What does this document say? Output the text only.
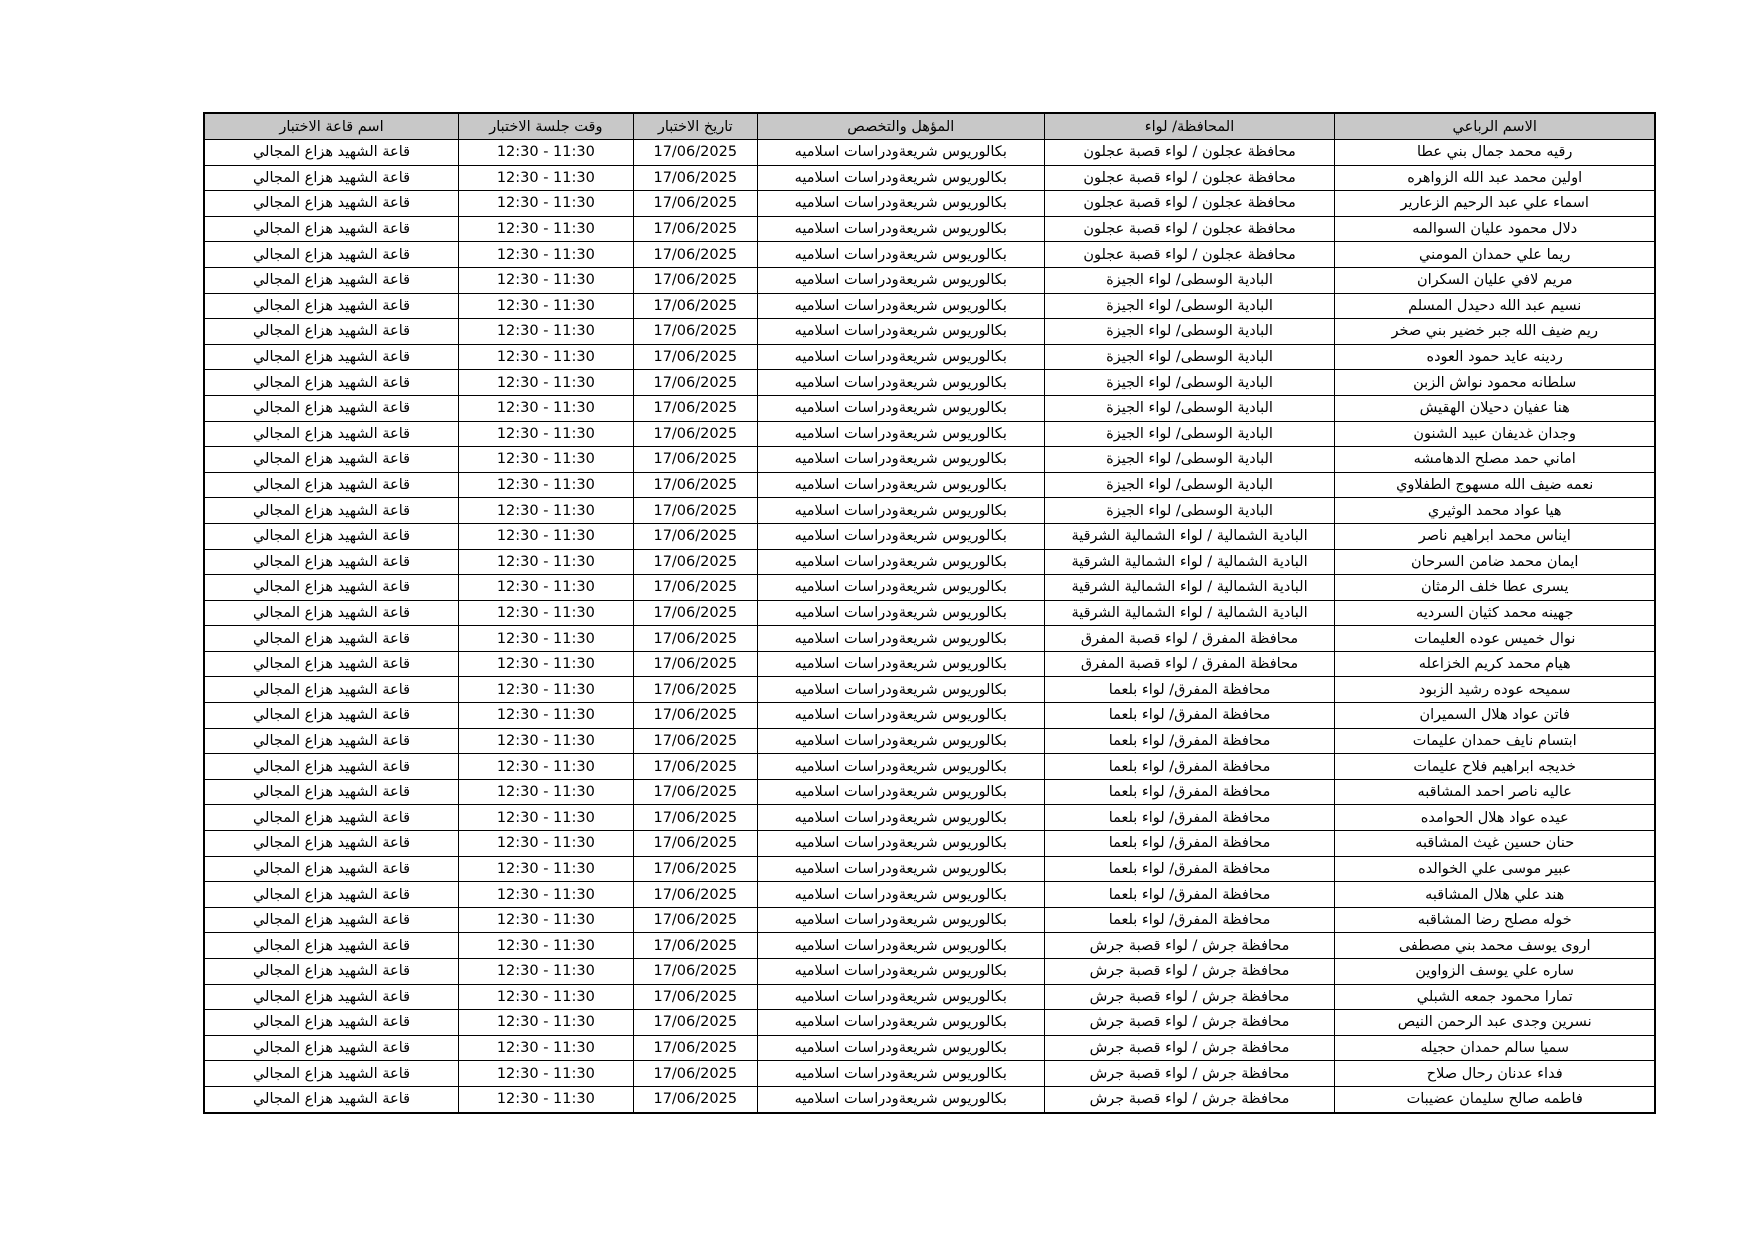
الاسم الرباعي	المحافظة/ لواء	المؤهل والتخصص	تاريخ الاختبار	وقت جلسة الاختبار	اسم قاعة الاختبار
رقيه محمد جمال بني عطا	محافظة عجلون / لواء قصبة عجلون	بكالوريوس شريعةودراسات اسلاميه	17/06/2025	12:30 - 11:30	قاعة الشهيد هزاع المجالي
اولين محمد عبد الله الزواهره	محافظة عجلون / لواء قصبة عجلون	بكالوريوس شريعةودراسات اسلاميه	17/06/2025	12:30 - 11:30	قاعة الشهيد هزاع المجالي
اسماء علي عبد الرحيم الزعارير	محافظة عجلون / لواء قصبة عجلون	بكالوريوس شريعةودراسات اسلاميه	17/06/2025	12:30 - 11:30	قاعة الشهيد هزاع المجالي
دلال محمود عليان السوالمه	محافظة عجلون / لواء قصبة عجلون	بكالوريوس شريعةودراسات اسلاميه	17/06/2025	12:30 - 11:30	قاعة الشهيد هزاع المجالي
ريما علي حمدان المومني	محافظة عجلون / لواء قصبة عجلون	بكالوريوس شريعةودراسات اسلاميه	17/06/2025	12:30 - 11:30	قاعة الشهيد هزاع المجالي
مريم لافي عليان السكران	البادية الوسطى/ لواء الجيزة	بكالوريوس شريعةودراسات اسلاميه	17/06/2025	12:30 - 11:30	قاعة الشهيد هزاع المجالي
نسيم عبد الله دحيدل المسلم	البادية الوسطى/ لواء الجيزة	بكالوريوس شريعةودراسات اسلاميه	17/06/2025	12:30 - 11:30	قاعة الشهيد هزاع المجالي
ريم ضيف الله جبر خضير بني صخر	البادية الوسطى/ لواء الجيزة	بكالوريوس شريعةودراسات اسلاميه	17/06/2025	12:30 - 11:30	قاعة الشهيد هزاع المجالي
ردينه عايد حمود العوده	البادية الوسطى/ لواء الجيزة	بكالوريوس شريعةودراسات اسلاميه	17/06/2025	12:30 - 11:30	قاعة الشهيد هزاع المجالي
سلطانه محمود نواش الزبن	البادية الوسطى/ لواء الجيزة	بكالوريوس شريعةودراسات اسلاميه	17/06/2025	12:30 - 11:30	قاعة الشهيد هزاع المجالي
هنا عفيان دحيلان الهقيش	البادية الوسطى/ لواء الجيزة	بكالوريوس شريعةودراسات اسلاميه	17/06/2025	12:30 - 11:30	قاعة الشهيد هزاع المجالي
وجدان غديفان عبيد الشنون	البادية الوسطى/ لواء الجيزة	بكالوريوس شريعةودراسات اسلاميه	17/06/2025	12:30 - 11:30	قاعة الشهيد هزاع المجالي
اماني حمد مصلح الدهامشه	البادية الوسطى/ لواء الجيزة	بكالوريوس شريعةودراسات اسلاميه	17/06/2025	12:30 - 11:30	قاعة الشهيد هزاع المجالي
نعمه ضيف الله مسهوج الطفلاوي	البادية الوسطى/ لواء الجيزة	بكالوريوس شريعةودراسات اسلاميه	17/06/2025	12:30 - 11:30	قاعة الشهيد هزاع المجالي
هيا عواد محمد الوثيري	البادية الوسطى/ لواء الجيزة	بكالوريوس شريعةودراسات اسلاميه	17/06/2025	12:30 - 11:30	قاعة الشهيد هزاع المجالي
ايناس محمد ابراهيم ناصر	البادية الشمالية / لواء الشمالية الشرقية	بكالوريوس شريعةودراسات اسلاميه	17/06/2025	12:30 - 11:30	قاعة الشهيد هزاع المجالي
ايمان محمد ضامن السرحان	البادية الشمالية / لواء الشمالية الشرقية	بكالوريوس شريعةودراسات اسلاميه	17/06/2025	12:30 - 11:30	قاعة الشهيد هزاع المجالي
يسرى عطا خلف الرمثان	البادية الشمالية / لواء الشمالية الشرقية	بكالوريوس شريعةودراسات اسلاميه	17/06/2025	12:30 - 11:30	قاعة الشهيد هزاع المجالي
جهينه محمد كثيان السرديه	البادية الشمالية / لواء الشمالية الشرقية	بكالوريوس شريعةودراسات اسلاميه	17/06/2025	12:30 - 11:30	قاعة الشهيد هزاع المجالي
نوال خميس عوده العليمات	محافظة المفرق / لواء قصبة المفرق	بكالوريوس شريعةودراسات اسلاميه	17/06/2025	12:30 - 11:30	قاعة الشهيد هزاع المجالي
هيام محمد كريم الخزاعله	محافظة المفرق / لواء قصبة المفرق	بكالوريوس شريعةودراسات اسلاميه	17/06/2025	12:30 - 11:30	قاعة الشهيد هزاع المجالي
سميحه عوده رشيد الزبود	محافظة المفرق/ لواء بلعما	بكالوريوس شريعةودراسات اسلاميه	17/06/2025	12:30 - 11:30	قاعة الشهيد هزاع المجالي
فاتن عواد هلال السميران	محافظة المفرق/ لواء بلعما	بكالوريوس شريعةودراسات اسلاميه	17/06/2025	12:30 - 11:30	قاعة الشهيد هزاع المجالي
ابتسام نايف حمدان عليمات	محافظة المفرق/ لواء بلعما	بكالوريوس شريعةودراسات اسلاميه	17/06/2025	12:30 - 11:30	قاعة الشهيد هزاع المجالي
خديجه ابراهيم فلاح عليمات	محافظة المفرق/ لواء بلعما	بكالوريوس شريعةودراسات اسلاميه	17/06/2025	12:30 - 11:30	قاعة الشهيد هزاع المجالي
عاليه ناصر احمد المشاقبه	محافظة المفرق/ لواء بلعما	بكالوريوس شريعةودراسات اسلاميه	17/06/2025	12:30 - 11:30	قاعة الشهيد هزاع المجالي
عيده عواد هلال الحوامده	محافظة المفرق/ لواء بلعما	بكالوريوس شريعةودراسات اسلاميه	17/06/2025	12:30 - 11:30	قاعة الشهيد هزاع المجالي
حنان حسين غيث المشاقبه	محافظة المفرق/ لواء بلعما	بكالوريوس شريعةودراسات اسلاميه	17/06/2025	12:30 - 11:30	قاعة الشهيد هزاع المجالي
عبير موسى علي الخوالده	محافظة المفرق/ لواء بلعما	بكالوريوس شريعةودراسات اسلاميه	17/06/2025	12:30 - 11:30	قاعة الشهيد هزاع المجالي
هند علي هلال المشاقبه	محافظة المفرق/ لواء بلعما	بكالوريوس شريعةودراسات اسلاميه	17/06/2025	12:30 - 11:30	قاعة الشهيد هزاع المجالي
خوله مصلح رضا المشاقبه	محافظة المفرق/ لواء بلعما	بكالوريوس شريعةودراسات اسلاميه	17/06/2025	12:30 - 11:30	قاعة الشهيد هزاع المجالي
اروى يوسف محمد بني مصطفى	محافظة جرش / لواء قصبة جرش	بكالوريوس شريعةودراسات اسلاميه	17/06/2025	12:30 - 11:30	قاعة الشهيد هزاع المجالي
ساره علي يوسف الزواوين	محافظة جرش / لواء قصبة جرش	بكالوريوس شريعةودراسات اسلاميه	17/06/2025	12:30 - 11:30	قاعة الشهيد هزاع المجالي
تمارا محمود جمعه الشبلي	محافظة جرش / لواء قصبة جرش	بكالوريوس شريعةودراسات اسلاميه	17/06/2025	12:30 - 11:30	قاعة الشهيد هزاع المجالي
نسرين وجدى عبد الرحمن النيص	محافظة جرش / لواء قصبة جرش	بكالوريوس شريعةودراسات اسلاميه	17/06/2025	12:30 - 11:30	قاعة الشهيد هزاع المجالي
سميا سالم حمدان حجيله	محافظة جرش / لواء قصبة جرش	بكالوريوس شريعةودراسات اسلاميه	17/06/2025	12:30 - 11:30	قاعة الشهيد هزاع المجالي
فداء عدنان رحال صلاح	محافظة جرش / لواء قصبة جرش	بكالوريوس شريعةودراسات اسلاميه	17/06/2025	12:30 - 11:30	قاعة الشهيد هزاع المجالي
فاطمه صالح سليمان عضيبات	محافظة جرش / لواء قصبة جرش	بكالوريوس شريعةودراسات اسلاميه	17/06/2025	12:30 - 11:30	قاعة الشهيد هزاع المجالي
